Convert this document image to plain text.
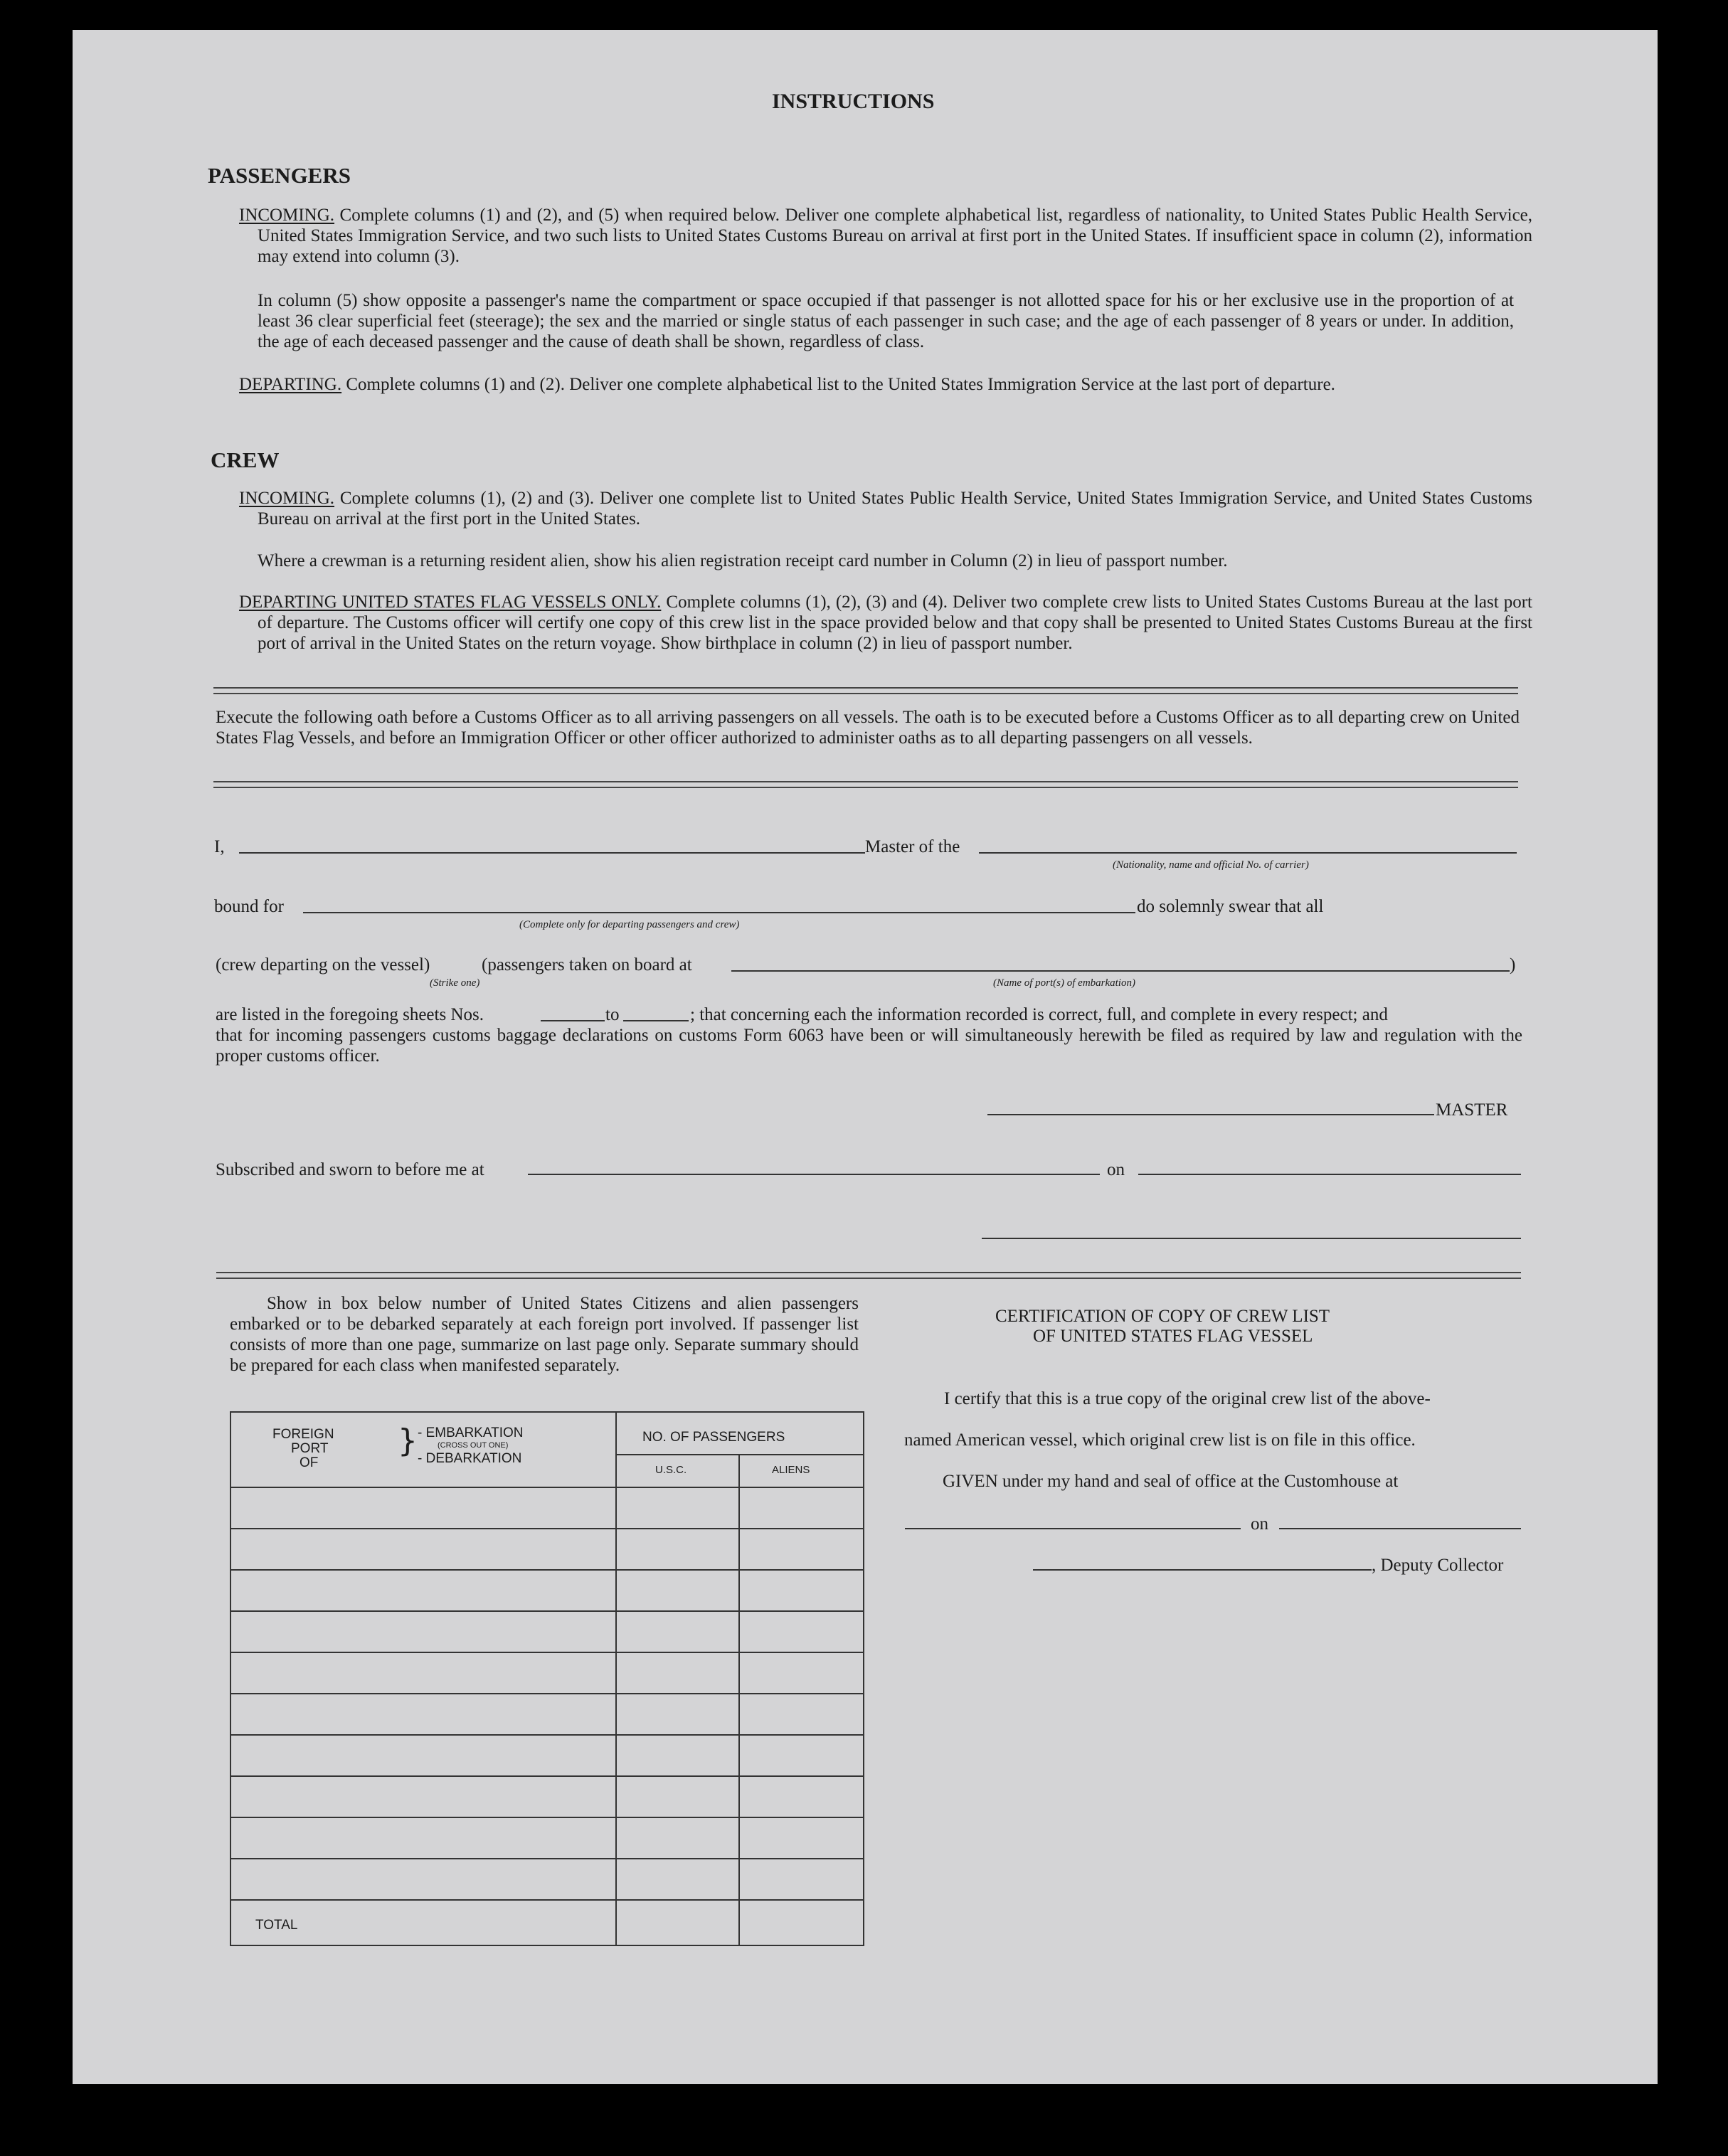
INSTRUCTIONS
PASSENGERS
INCOMING. Complete columns (1) and (2), and (5) when required below. Deliver one complete alphabetical list, regardless of nationality, to United States Public Health Service, United States Immigration Service, and two such lists to United States Customs Bureau on arrival at first port in the United States. If insufficient space in column (2), information may extend into column (3).
In column (5) show opposite a passenger's name the compartment or space occupied if that passenger is not allotted space for his or her exclusive use in the proportion of at least 36 clear superficial feet (steerage); the sex and the married or single status of each passenger in such case; and the age of each passenger of 8 years or under. In addition, the age of each deceased passenger and the cause of death shall be shown, regardless of class.
DEPARTING. Complete columns (1) and (2). Deliver one complete alphabetical list to the United States Immigration Service at the last port of departure.
CREW
INCOMING. Complete columns (1), (2) and (3). Deliver one complete list to United States Public Health Service, United States Immigration Service, and United States Customs Bureau on arrival at the first port in the United States.
Where a crewman is a returning resident alien, show his alien registration receipt card number in Column (2) in lieu of passport number.
DEPARTING UNITED STATES FLAG VESSELS ONLY. Complete columns (1), (2), (3) and (4). Deliver two complete crew lists to United States Customs Bureau at the last port of departure. The Customs officer will certify one copy of this crew list in the space provided below and that copy shall be presented to United States Customs Bureau at the first port of arrival in the United States on the return voyage. Show birthplace in column (2) in lieu of passport number.
Execute the following oath before a Customs Officer as to all arriving passengers on all vessels. The oath is to be executed before a Customs Officer as to all departing crew on United States Flag Vessels, and before an Immigration Officer or other officer authorized to administer oaths as to all departing passengers on all vessels.
I,	Master of the
(Nationality, name and official No. of carrier)
bound for
(Complete only for departing passengers and crew)
do solemnly swear that all
(crew departing on the vessel)
(Strike one)
(passengers taken on board at
(Name of port(s) of embarkation)
)
are listed in the foregoing sheets Nos.	to	; that concerning each the information recorded is correct, full, and complete in every respect; and
that for incoming passengers customs baggage declarations on customs Form 6063 have been or will simultaneously herewith be filed as required by law and regulation with the proper customs officer.
MASTER
Subscribed and sworn to before me at	on
Show in box below number of United States Citizens and alien passengers embarked or to be debarked separately at each foreign port involved. If passenger list consists of more than one page, summarize on last page only. Separate summary should be prepared for each class when manifested separately.
FOREIGN
PORT
OF
} - EMBARKATION
(CROSS OUT ONE)
- DEBARKATION
NO. OF PASSENGERS
U.S.C.	ALIENS
TOTAL
CERTIFICATION OF COPY OF CREW LIST
OF UNITED STATES FLAG VESSEL
I certify that this is a true copy of the original crew list of the above-
named American vessel, which original crew list is on file in this office.
GIVEN under my hand and seal of office at the Customhouse at
on
, Deputy Collector
